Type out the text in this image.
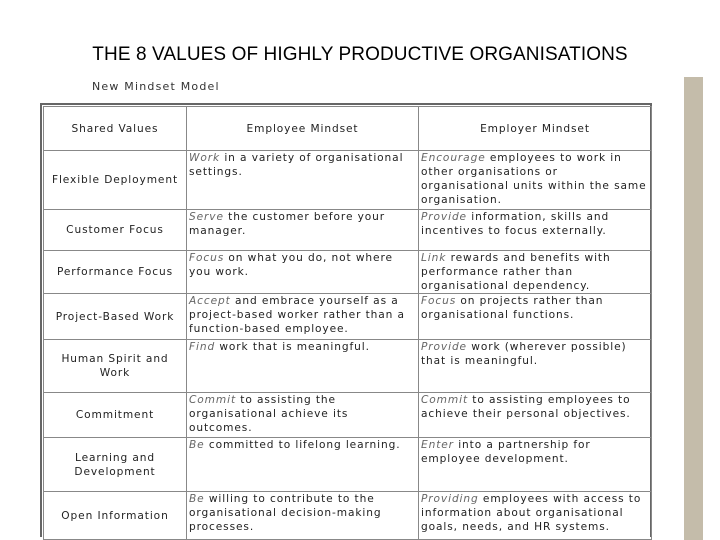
THE 8 VALUES OF HIGHLY PRODUCTIVE ORGANISATIONS
New Mindset Model
Shared Values	Employee Mindset	Employer Mindset
Flexible Deployment	Work in a variety of organisational settings.	Encourage employees to work in other organisations or organisational units within the same organisation.
Customer Focus	Serve the customer before your manager.	Provide information, skills and incentives to focus externally.
Performance Focus	Focus on what you do, not where you work.	Link rewards and benefits with performance rather than organisational dependency.
Project-Based Work	Accept and embrace yourself as a project-based worker rather than a function-based employee.	Focus on projects rather than organisational functions.
Human Spirit and Work	Find work that is meaningful.	Provide work (wherever possible) that is meaningful.
Commitment	Commit to assisting the organisational achieve its outcomes.	Commit to assisting employees to achieve their personal objectives.
Learning and Development	Be committed to lifelong learning.	Enter into a partnership for employee development.
Open Information	Be willing to contribute to the organisational decision-making processes.	Providing employees with access to information about organisational goals, needs, and HR systems.
